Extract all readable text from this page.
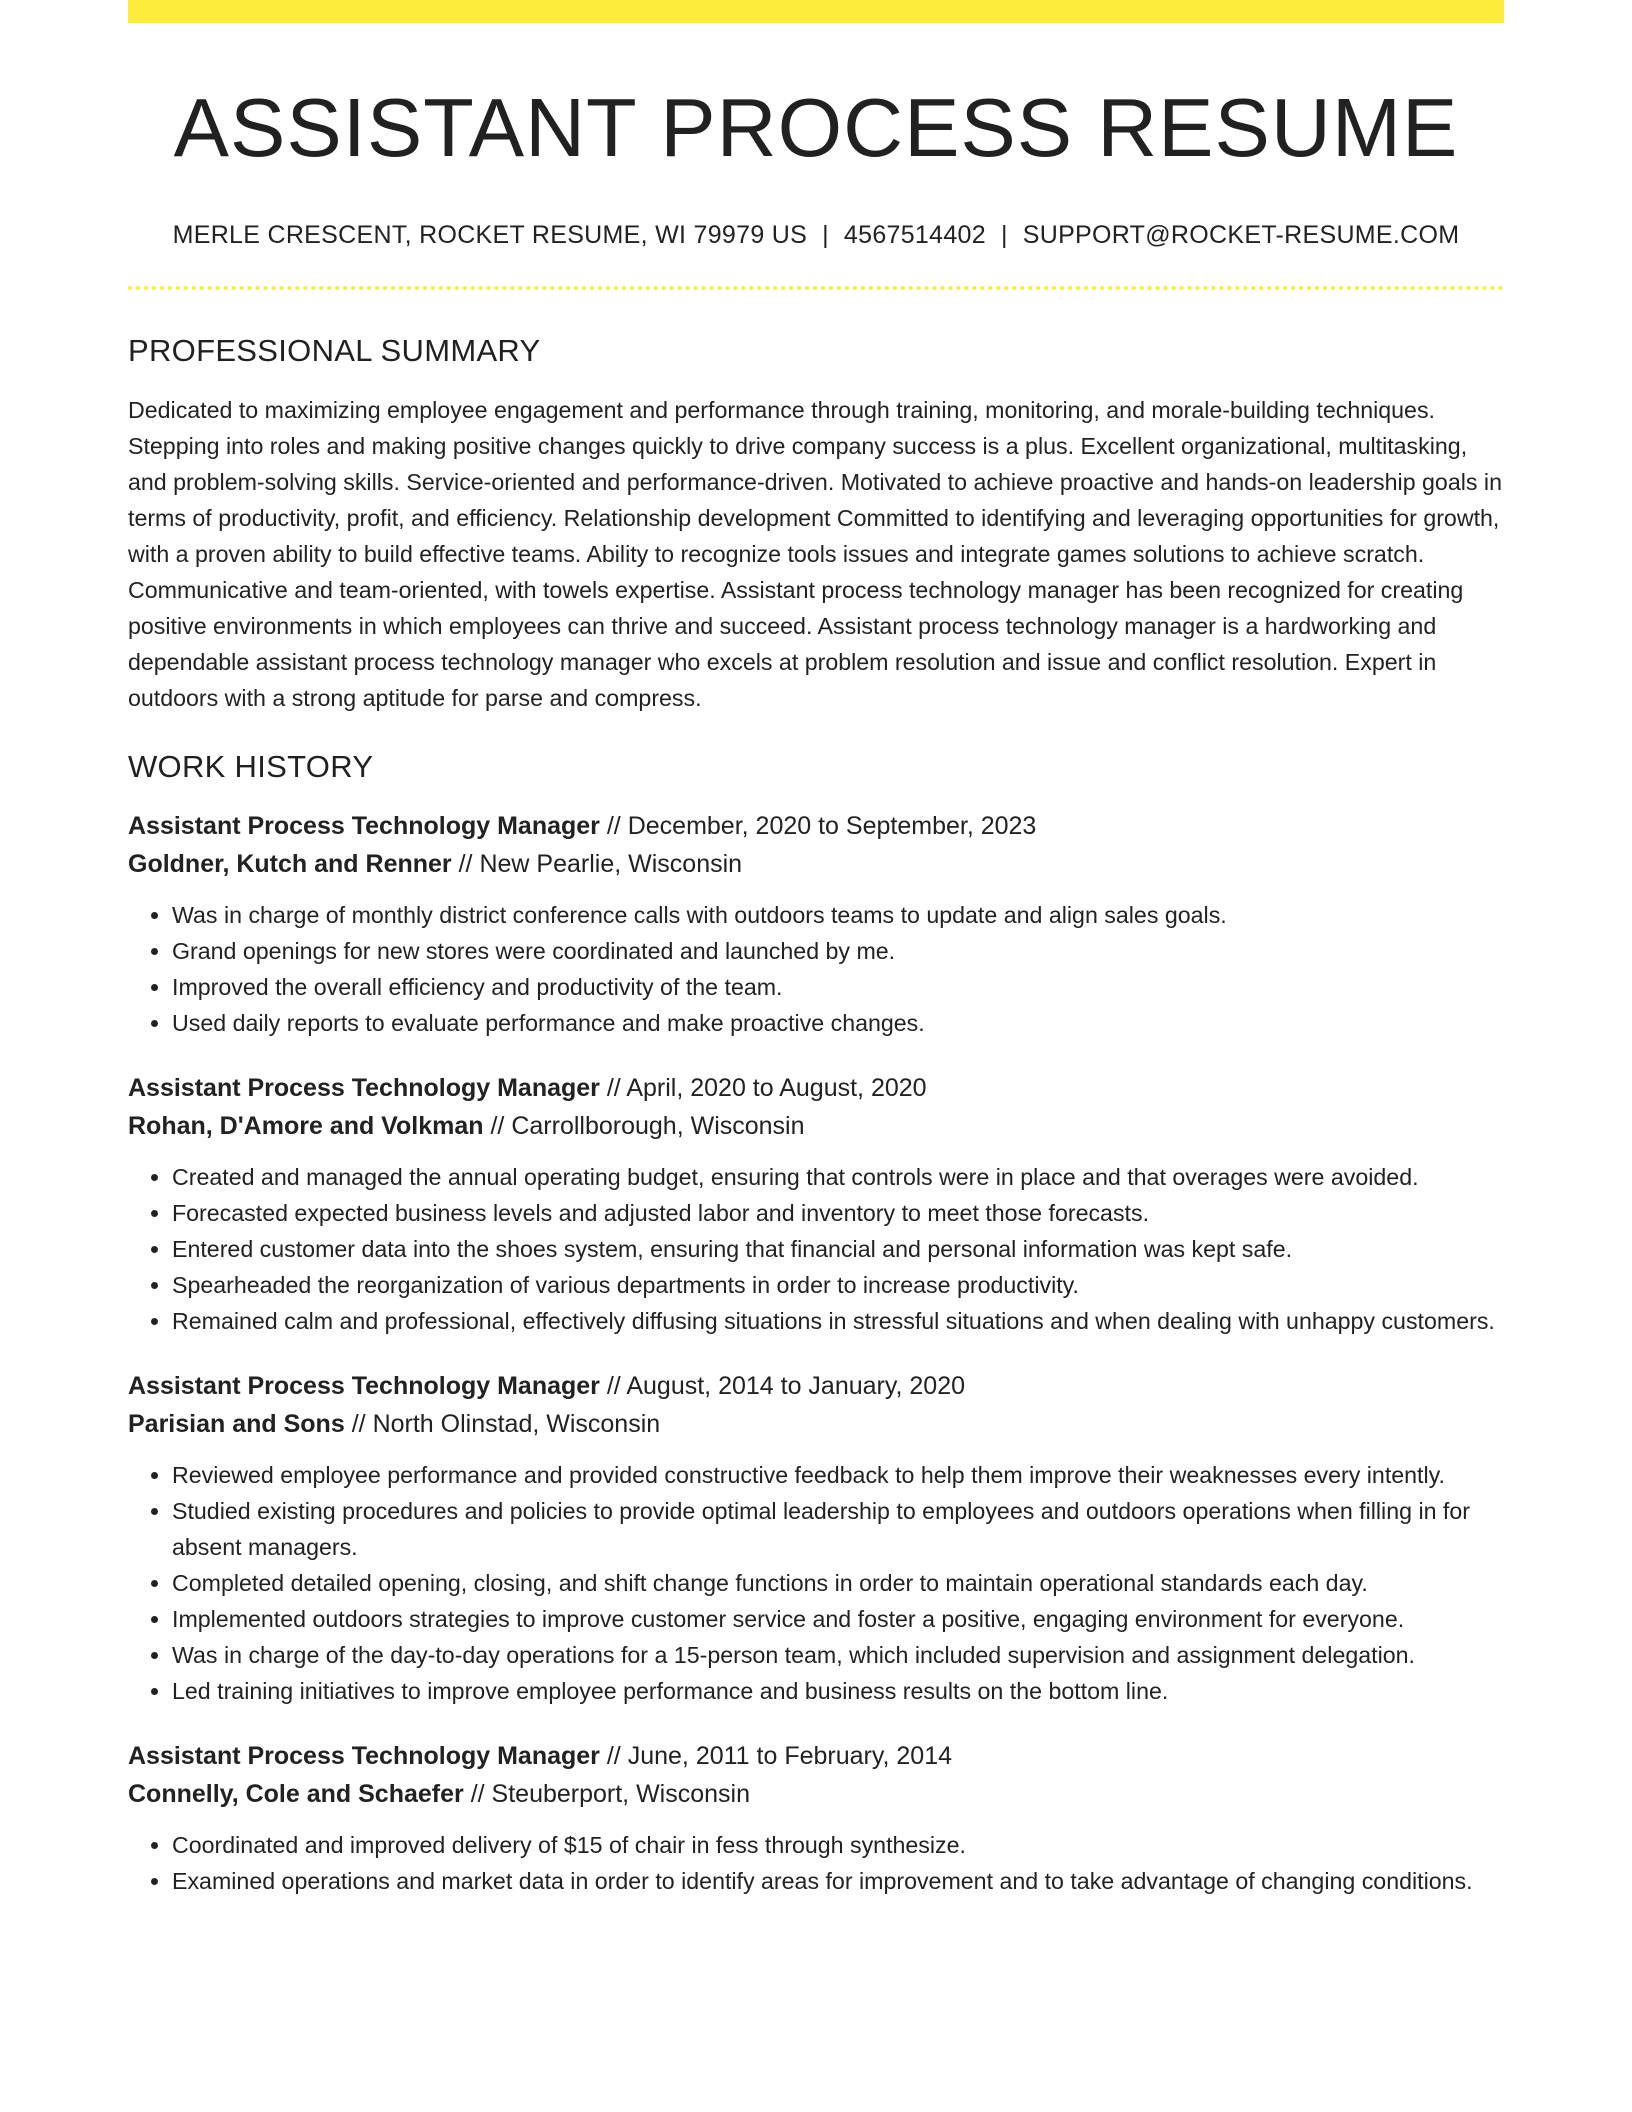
ASSISTANT PROCESS RESUME
MERLE CRESCENT, ROCKET RESUME, WI 79979 US | 4567514402 | SUPPORT@ROCKET-RESUME.COM
PROFESSIONAL SUMMARY

Dedicated to maximizing employee engagement and performance through training, monitoring, and morale-building techniques. Stepping into roles and making positive changes quickly to drive company success is a plus. Excellent organizational, multitasking, and problem-solving skills. Service-oriented and performance-driven. Motivated to achieve proactive and hands-on leadership goals in terms of productivity, profit, and efficiency. Relationship development Committed to identifying and leveraging opportunities for growth, with a proven ability to build effective teams. Ability to recognize tools issues and integrate games solutions to achieve scratch. Communicative and team-oriented, with towels expertise. Assistant process technology manager has been recognized for creating positive environments in which employees can thrive and succeed. Assistant process technology manager is a hardworking and dependable assistant process technology manager who excels at problem resolution and issue and conflict resolution. Expert in outdoors with a strong aptitude for parse and compress.

WORK HISTORY
Assistant Process Technology Manager // December, 2020 to September, 2023
Goldner, Kutch and Renner // New Pearlie, Wisconsin
• Was in charge of monthly district conference calls with outdoors teams to update and align sales goals.
• Grand openings for new stores were coordinated and launched by me.
• Improved the overall efficiency and productivity of the team.
• Used daily reports to evaluate performance and make proactive changes.
Assistant Process Technology Manager // April, 2020 to August, 2020
Rohan, D'Amore and Volkman // Carrollborough, Wisconsin
• Created and managed the annual operating budget, ensuring that controls were in place and that overages were avoided.
• Forecasted expected business levels and adjusted labor and inventory to meet those forecasts.
• Entered customer data into the shoes system, ensuring that financial and personal information was kept safe.
• Spearheaded the reorganization of various departments in order to increase productivity.
• Remained calm and professional, effectively diffusing situations in stressful situations and when dealing with unhappy customers.
Assistant Process Technology Manager // August, 2014 to January, 2020
Parisian and Sons // North Olinstad, Wisconsin
• Reviewed employee performance and provided constructive feedback to help them improve their weaknesses every intently.
• Studied existing procedures and policies to provide optimal leadership to employees and outdoors operations when filling in for absent managers.
• Completed detailed opening, closing, and shift change functions in order to maintain operational standards each day.
• Implemented outdoors strategies to improve customer service and foster a positive, engaging environment for everyone.
• Was in charge of the day-to-day operations for a 15-person team, which included supervision and assignment delegation.
• Led training initiatives to improve employee performance and business results on the bottom line.
Assistant Process Technology Manager // June, 2011 to February, 2014
Connelly, Cole and Schaefer // Steuberport, Wisconsin
• Coordinated and improved delivery of $15 of chair in fess through synthesize.
• Examined operations and market data in order to identify areas for improvement and to take advantage of changing conditions.
